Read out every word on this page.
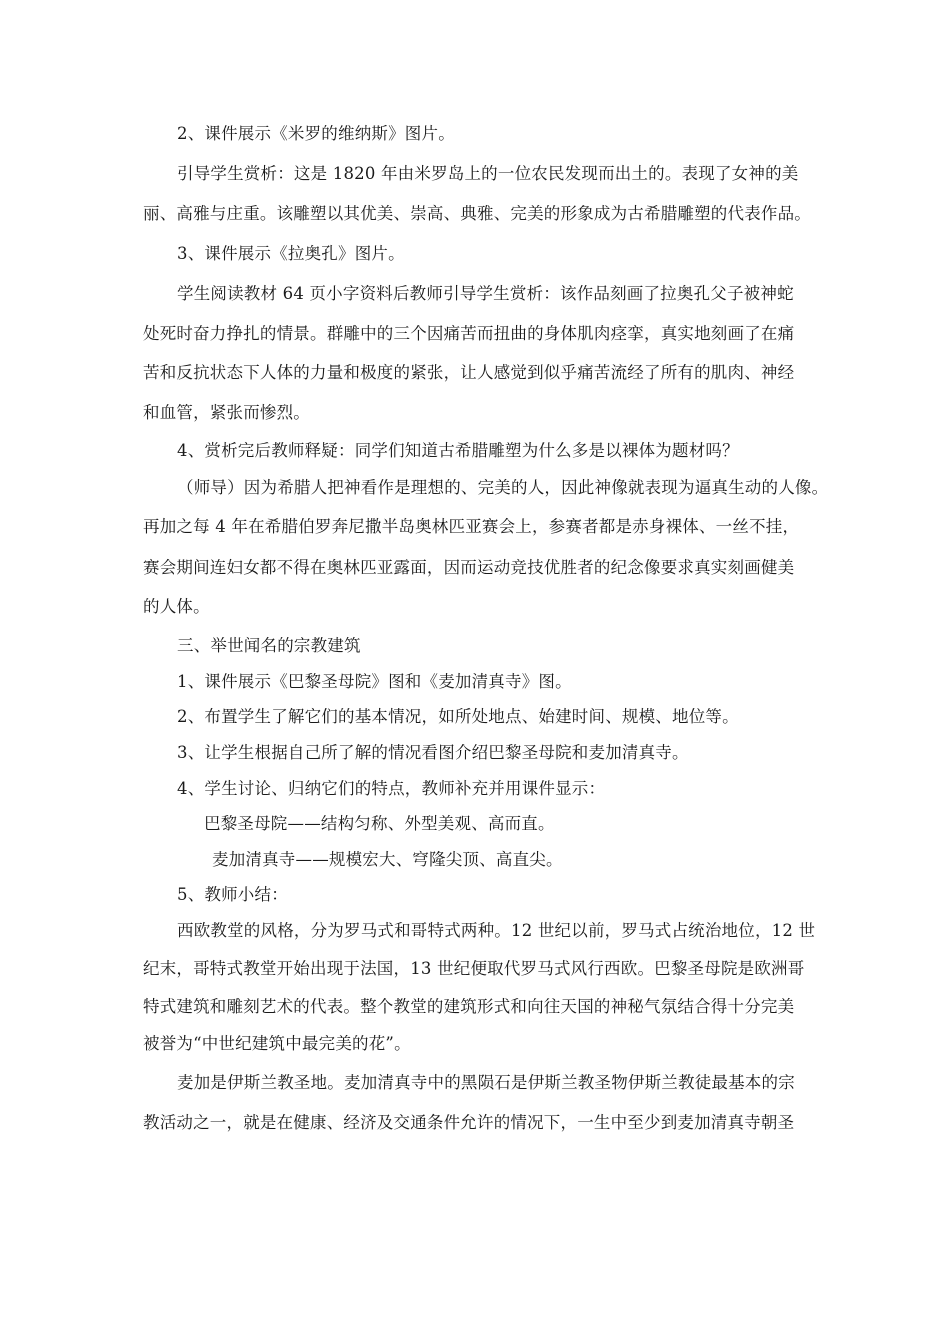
2、课件展示《米罗的维纳斯》图片。
引导学生赏析：这是 1820 年由米罗岛上的一位农民发现而出土的。表现了女神的美
丽、高雅与庄重。该雕塑以其优美、崇高、典雅、完美的形象成为古希腊雕塑的代表作品。
3、课件展示《拉奥孔》图片。
学生阅读教材 64 页小字资料后教师引导学生赏析：该作品刻画了拉奥孔父子被神蛇
处死时奋力挣扎的情景。群雕中的三个因痛苦而扭曲的身体肌肉痉挛，真实地刻画了在痛
苦和反抗状态下人体的力量和极度的紧张，让人感觉到似乎痛苦流经了所有的肌肉、神经
和血管，紧张而惨烈。
4、赏析完后教师释疑：同学们知道古希腊雕塑为什么多是以裸体为题材吗？
（师导）因为希腊人把神看作是理想的、完美的人，因此神像就表现为逼真生动的人像。
再加之每 4 年在希腊伯罗奔尼撒半岛奥林匹亚赛会上，参赛者都是赤身裸体、一丝不挂，
赛会期间连妇女都不得在奥林匹亚露面，因而运动竞技优胜者的纪念像要求真实刻画健美
的人体。
三、举世闻名的宗教建筑
1、课件展示《巴黎圣母院》图和《麦加清真寺》图。
2、布置学生了解它们的基本情况，如所处地点、始建时间、规模、地位等。
3、让学生根据自己所了解的情况看图介绍巴黎圣母院和麦加清真寺。
4、学生讨论、归纳它们的特点，教师补充并用课件显示：
巴黎圣母院——结构匀称、外型美观、高而直。
麦加清真寺——规模宏大、穹隆尖顶、高直尖。
5、教师小结：
西欧教堂的风格，分为罗马式和哥特式两种。12 世纪以前，罗马式占统治地位，12 世
纪末，哥特式教堂开始出现于法国，13 世纪便取代罗马式风行西欧。巴黎圣母院是欧洲哥
特式建筑和雕刻艺术的代表。整个教堂的建筑形式和向往天国的神秘气氛结合得十分完美
被誉为“中世纪建筑中最完美的花”。
麦加是伊斯兰教圣地。麦加清真寺中的黑陨石是伊斯兰教圣物伊斯兰教徒最基本的宗
教活动之一，就是在健康、经济及交通条件允许的情况下，一生中至少到麦加清真寺朝圣
